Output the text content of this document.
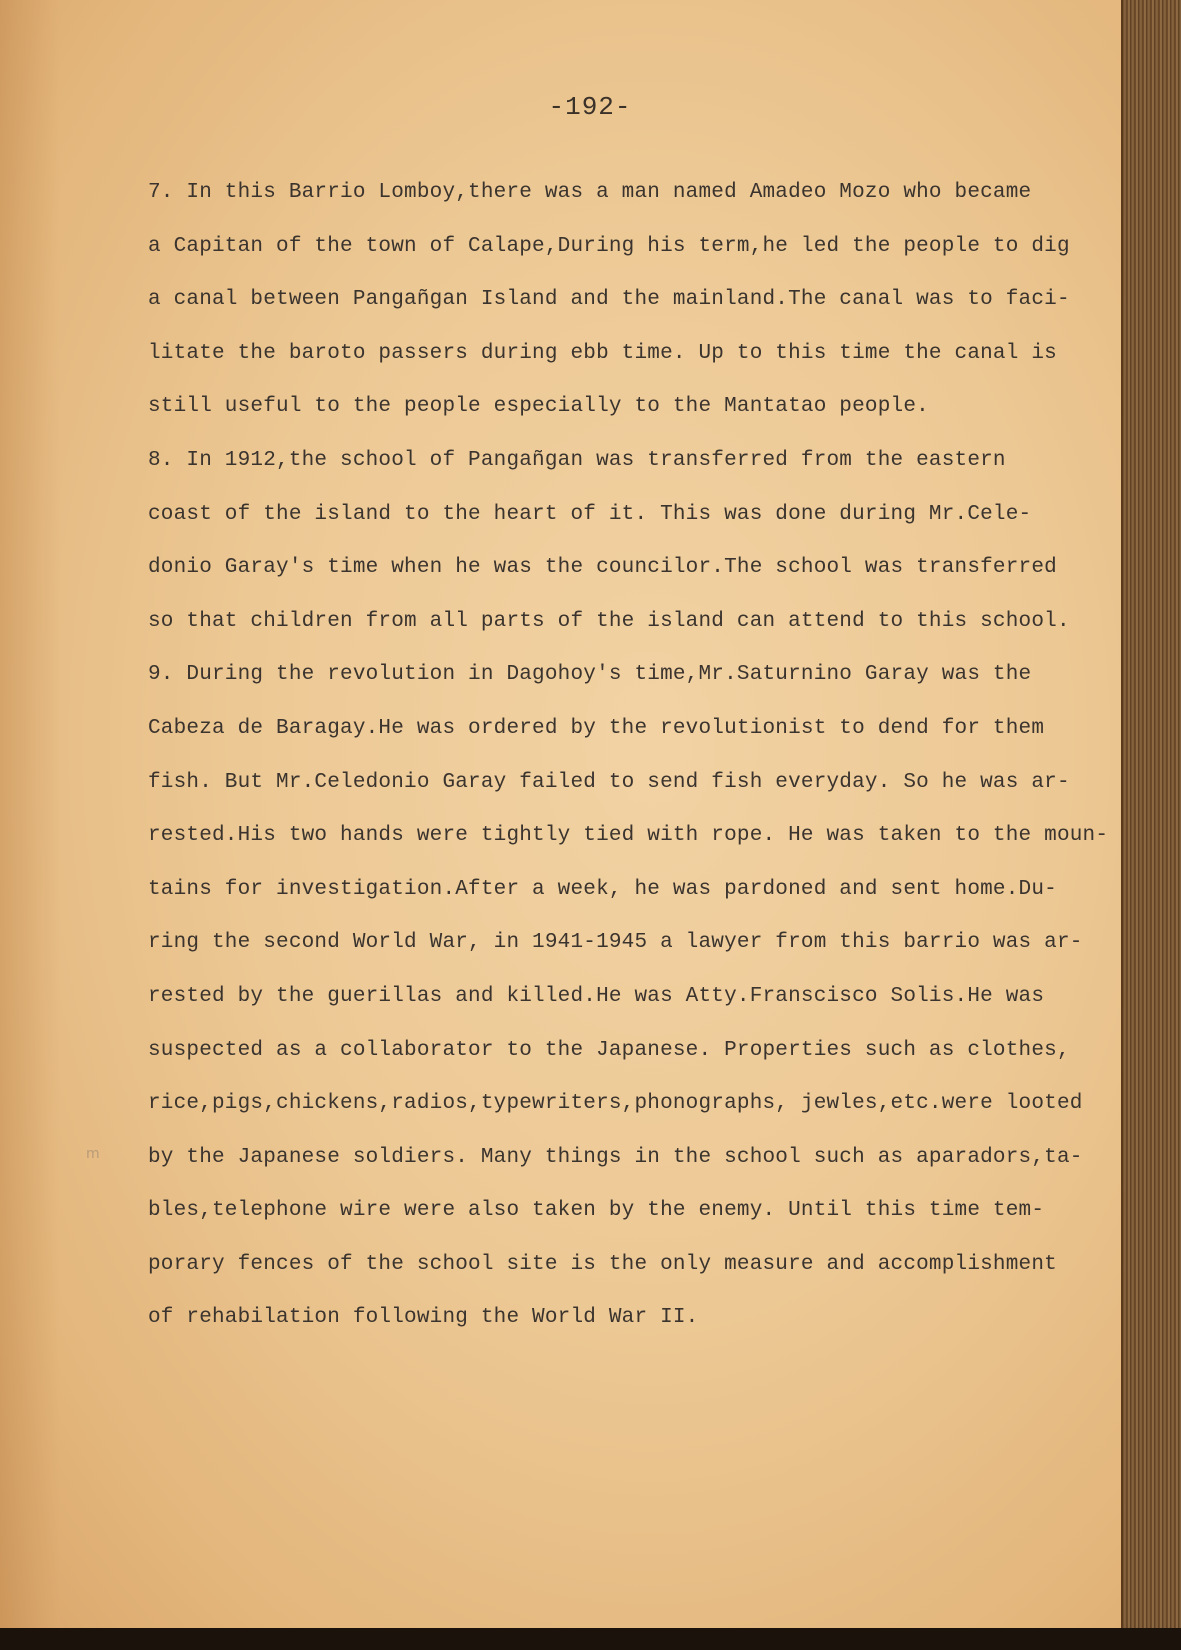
-192-
7. In this Barrio Lomboy,there was a man named Amadeo Mozo who became
a Capitan of the town of Calape,During his term,he led the people to dig
a canal between Pangañgan Island and the mainland.The canal was to faci-
litate the baroto passers during ebb time. Up to this time the canal is
still useful to the people especially to the Mantatao people.
8. In 1912,the school of Pangañgan was transferred from the eastern
coast of the island to the heart of it. This was done during Mr.Cele-
donio Garay's time when he was the councilor.The school was transferred
so that children from all parts of the island can attend to this school.
9. During the revolution in Dagohoy's time,Mr.Saturnino Garay was the
Cabeza de Baragay.He was ordered by the revolutionist to dend for them
fish. But Mr.Celedonio Garay failed to send fish everyday. So he was ar-
rested.His two hands were tightly tied with rope. He was taken to the moun-
tains for investigation.After a week, he was pardoned and sent home.Du-
ring the second World War, in 1941-1945 a lawyer from this barrio was ar-
rested by the guerillas and killed.He was Atty.Franscisco Solis.He was
suspected as a collaborator to the Japanese. Properties such as clothes,
rice,pigs,chickens,radios,typewriters,phonographs, jewles,etc.were looted
by the Japanese soldiers. Many things in the school such as aparadors,ta-
bles,telephone wire were also taken by the enemy. Until this time tem-
porary fences of the school site is the only measure and accomplishment
of rehabilation following the World War II.
m
